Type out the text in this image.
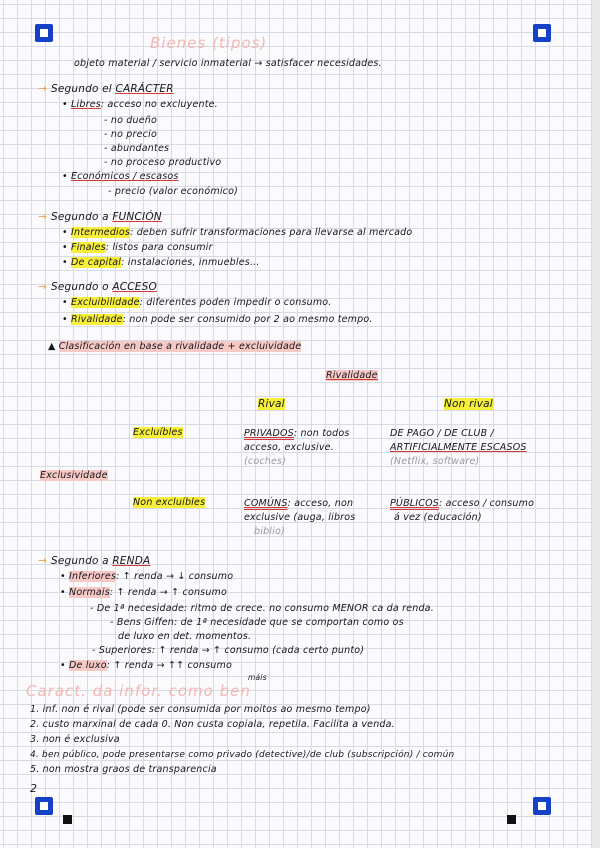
Bienes (tipos)
objeto material / servicio inmaterial → satisfacer necesidades.
→ Segundo el CARÁCTER
• Libres: acceso no excluyente.
- no dueño
- no precio
- abundantes
- no proceso productivo
• Económicos / escasos
- precio (valor económico)
→ Segundo a FUNCIÓN
• Intermedios: deben sufrir transformaciones para llevarse al mercado
• Finales: listos para consumir
• De capital: instalaciones, inmuebles...
→ Segundo o ACCESO
• Excluibilidade: diferentes poden impedir o consumo.
• Rivalidade: non pode ser consumido por 2 ao mesmo tempo.
▲ Clasificación en base a rivalidade + excluividade
Rivalidade
Rival	Non rival
Excluíbles
Exclusividade
Non excluíbles
PRIVADOS: non todos
acceso, exclusive.
(coches)
DE PAGO / DE CLUB /
ARTIFICIALMENTE ESCASOS
(Netflix, software)
COMÚNS: acceso, non
exclusive (auga, libros
biblio)
PÚBLICOS: acceso / consumo
á vez (educación)
→ Segundo a RENDA
• Inferiores: ↑ renda → ↓ consumo
• Normais: ↑ renda → ↑ consumo
- De 1ª necesidade: ritmo de crece. no consumo MENOR ca da renda.
- Bens Giffen: de 1ª necesidade que se comportan como os
de luxo en det. momentos.
- Superiores: ↑ renda → ↑ consumo (cada certo punto)
• De luxo: ↑ renda → ↑↑ consumo
máis
Caract. da infor. como ben
1. inf. non é rival (pode ser consumida por moitos ao mesmo tempo)
2. custo marxinal de cada 0. Non custa copiala, repetila. Facilita a venda.
3. non é exclusiva
4. ben público, pode presentarse como privado (detective)/de club (subscripción) / común
5. non mostra graos de transparencia
2
